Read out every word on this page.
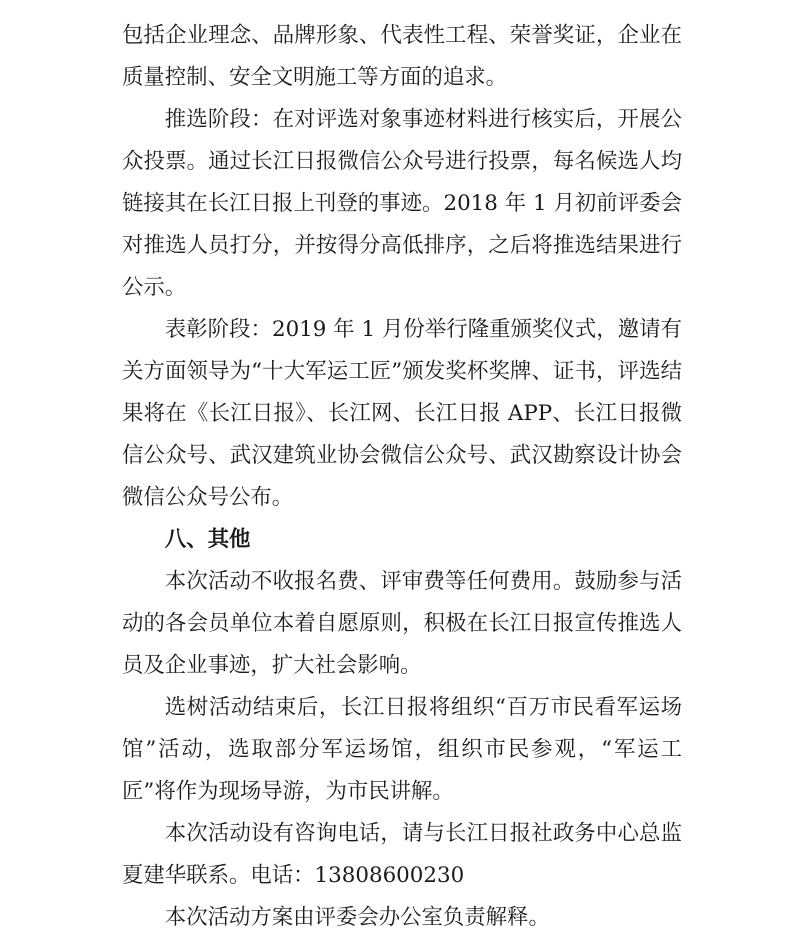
包括企业理念、品牌形象、代表性工程、荣誉奖证，企业在质量控制、安全文明施工等方面的追求。

推选阶段：在对评选对象事迹材料进行核实后，开展公众投票。通过长江日报微信公众号进行投票，每名候选人均链接其在长江日报上刊登的事迹。2018 年 1 月初前评委会对推选人员打分，并按得分高低排序，之后将推选结果进行公示。

表彰阶段：2019 年 1 月份举行隆重颁奖仪式，邀请有关方面领导为“十大军运工匠”颁发奖杯奖牌、证书，评选结果将在《长江日报》、长江网、长江日报 APP、长江日报微信公众号、武汉建筑业协会微信公众号、武汉勘察设计协会微信公众号公布。

八、其他

本次活动不收报名费、评审费等任何费用。鼓励参与活动的各会员单位本着自愿原则，积极在长江日报宣传推选人员及企业事迹，扩大社会影响。

选树活动结束后，长江日报将组织“百万市民看军运场馆”活动，选取部分军运场馆，组织市民参观，“军运工匠”将作为现场导游，为市民讲解。

本次活动设有咨询电话，请与长江日报社政务中心总监夏建华联系。电话：13808600230

本次活动方案由评委会办公室负责解释。
